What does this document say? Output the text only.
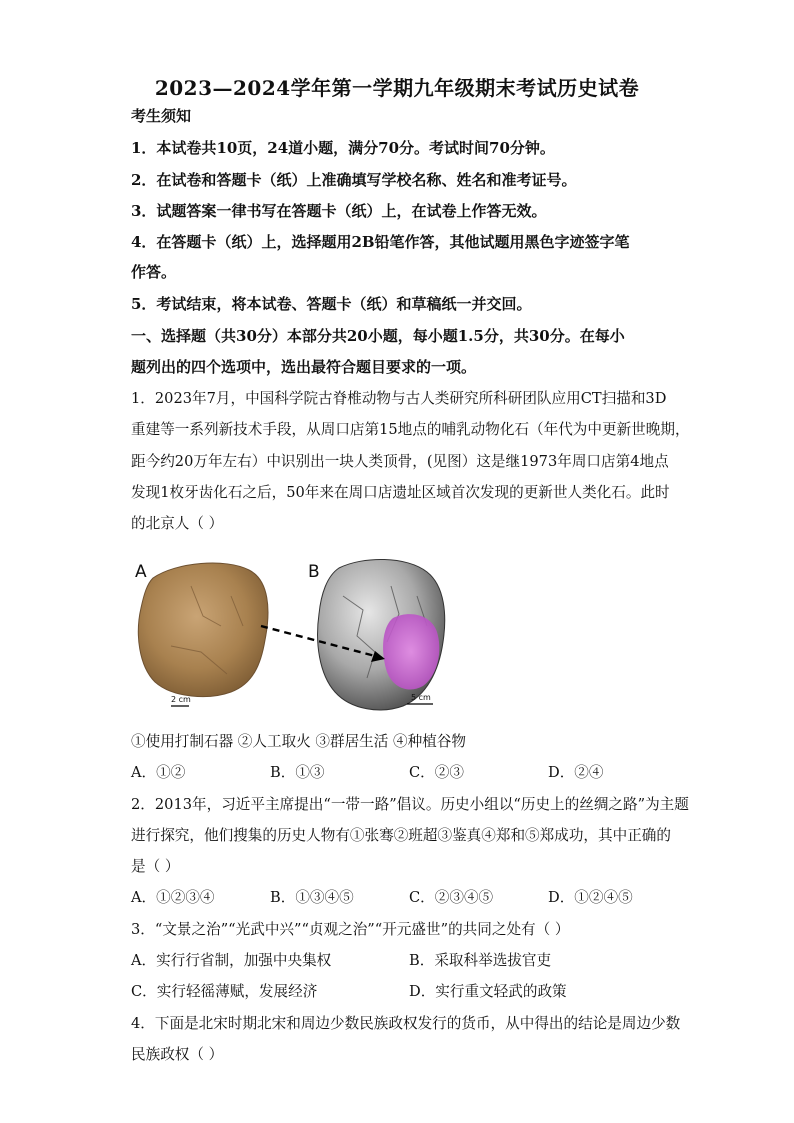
2023—2024学年第一学期九年级期末考试历史试卷
考生须知
1．本试卷共10页，24道小题，满分70分。考试时间70分钟。
2．在试卷和答题卡（纸）上准确填写学校名称、姓名和准考证号。
3．试题答案一律书写在答题卡（纸）上，在试卷上作答无效。
4．在答题卡（纸）上，选择题用2B铅笔作答，其他试题用黑色字迹签字笔
作答。
5．考试结束，将本试卷、答题卡（纸）和草稿纸一并交回。
一、选择题（共30分）本部分共20小题，每小题1.5分，共30分。在每小
题列出的四个选项中，选出最符合题目要求的一项。
1．2023年7月，中国科学院古脊椎动物与古人类研究所科研团队应用CT扫描和3D
重建等一系列新技术手段，从周口店第15地点的哺乳动物化石（年代为中更新世晚期，
距今约20万年左右）中识别出一块人类顶骨，(见图）这是继1973年周口店第4地点
发现1枚牙齿化石之后，50年来在周口店遗址区域首次发现的更新世人类化石。此时
的北京人（ ）
A	B
2 cm	5 cm
①使用打制石器 ②人工取火 ③群居生活 ④种植谷物
A．①②	B．①③	C．②③	D．②④
2．2013年，习近平主席提出“一带一路”倡议。历史小组以“历史上的丝绸之路”为主题
进行探究，他们搜集的历史人物有①张骞②班超③鉴真④郑和⑤郑成功，其中正确的
是（ ）
A．①②③④	B．①③④⑤	C．②③④⑤	D．①②④⑤
3．“文景之治”“光武中兴”“贞观之治”“开元盛世”的共同之处有（ ）
A．实行行省制，加强中央集权	B．采取科举选拔官吏
C．实行轻徭薄赋，发展经济	D．实行重文轻武的政策
4．下面是北宋时期北宋和周边少数民族政权发行的货币，从中得出的结论是周边少数
民族政权（ ）
